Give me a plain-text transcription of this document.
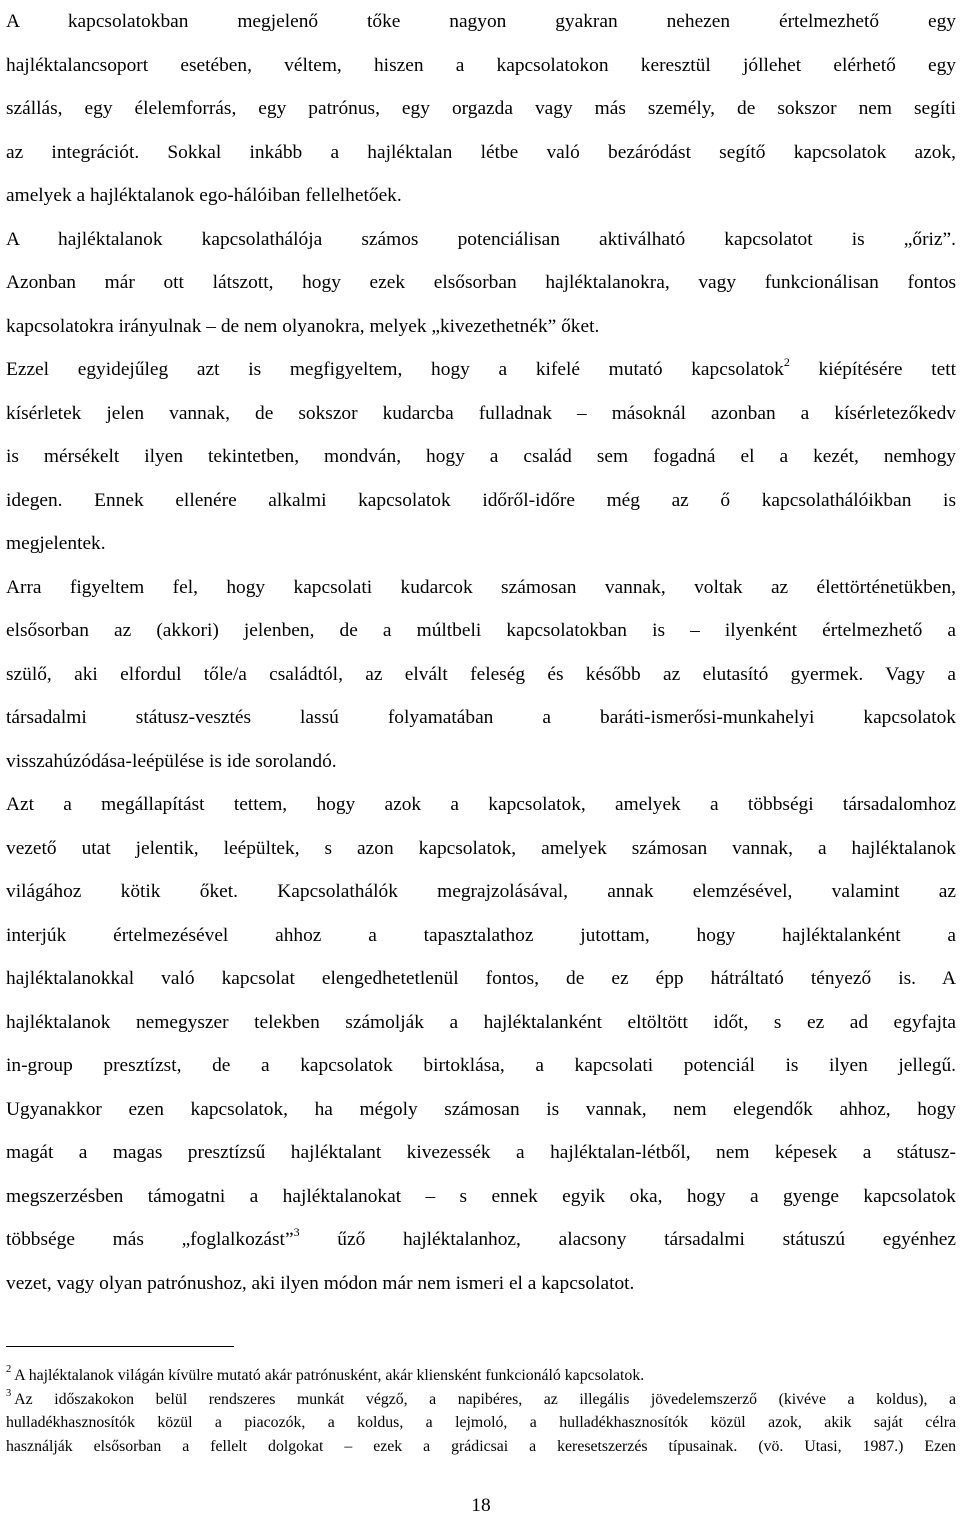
A kapcsolatokban megjelenő tőke nagyon gyakran nehezen értelmezhető egy
hajléktalancsoport esetében, véltem, hiszen a kapcsolatokon keresztül jóllehet elérhető egy
szállás, egy élelemforrás, egy patrónus, egy orgazda vagy más személy, de sokszor nem segíti
az integrációt. Sokkal inkább a hajléktalan létbe való bezáródást segítő kapcsolatok azok,
amelyek a hajléktalanok ego-hálóiban fellelhetőek.
A hajléktalanok kapcsolathálója számos potenciálisan aktiválható kapcsolatot is „őriz”.
Azonban már ott látszott, hogy ezek elsősorban hajléktalanokra, vagy funkcionálisan fontos
kapcsolatokra irányulnak – de nem olyanokra, melyek „kivezethetnék” őket.
Ezzel egyidejűleg azt is megfigyeltem, hogy a kifelé mutató kapcsolatok$^2$ kiépítésére tett
kísérletek jelen vannak, de sokszor kudarcba fulladnak – másoknál azonban a kísérletezőkedv
is mérsékelt ilyen tekintetben, mondván, hogy a család sem fogadná el a kezét, nemhogy
idegen. Ennek ellenére alkalmi kapcsolatok időről-időre még az ő kapcsolathálóikban is
megjelentek.
Arra figyeltem fel, hogy kapcsolati kudarcok számosan vannak, voltak az élettörténetükben,
elsősorban az (akkori) jelenben, de a múltbeli kapcsolatokban is – ilyenként értelmezhető a
szülő, aki elfordul tőle/a családtól, az elvált feleség és később az elutasító gyermek. Vagy a
társadalmi státusz-vesztés lassú folyamatában a baráti-ismerősi-munkahelyi kapcsolatok
visszahúzódása-leépülése is ide sorolandó.
Azt a megállapítást tettem, hogy azok a kapcsolatok, amelyek a többségi társadalomhoz
vezető utat jelentik, leépültek, s azon kapcsolatok, amelyek számosan vannak, a hajléktalanok
világához kötik őket. Kapcsolathálók megrajzolásával, annak elemzésével, valamint az
interjúk értelmezésével ahhoz a tapasztalathoz jutottam, hogy hajléktalanként a
hajléktalanokkal való kapcsolat elengedhetetlenül fontos, de ez épp hátráltató tényező is. A
hajléktalanok nemegyszer telekben számolják a hajléktalanként eltöltött időt, s ez ad egyfajta
in-group presztízst, de a kapcsolatok birtoklása, a kapcsolati potenciál is ilyen jellegű.
Ugyanakkor ezen kapcsolatok, ha mégoly számosan is vannak, nem elegendők ahhoz, hogy
magát a magas presztízsű hajléktalant kivezessék a hajléktalan-létből, nem képesek a státusz-
megszerzésben támogatni a hajléktalanokat – s ennek egyik oka, hogy a gyenge kapcsolatok
többsége más „foglalkozást”$^3$ űző hajléktalanhoz, alacsony társadalmi státuszú egyénhez
vezet, vagy olyan patrónushoz, aki ilyen módon már nem ismeri el a kapcsolatot.
$^2$ A hajléktalanok világán kívülre mutató akár patrónusként, akár kliensként funkcionáló kapcsolatok.
$^3$ Az időszakokon belül rendszeres munkát végző, a napibéres, az illegális jövedelemszerző (kivéve a koldus), a
hulladékhasznosítók közül a piacozók, a koldus, a lejmoló, a hulladékhasznosítók közül azok, akik saját célra
használják elsősorban a fellelt dolgokat – ezek a grádicsai a keresetszerzés típusainak. (vö. Utasi, 1987.) Ezen
18
